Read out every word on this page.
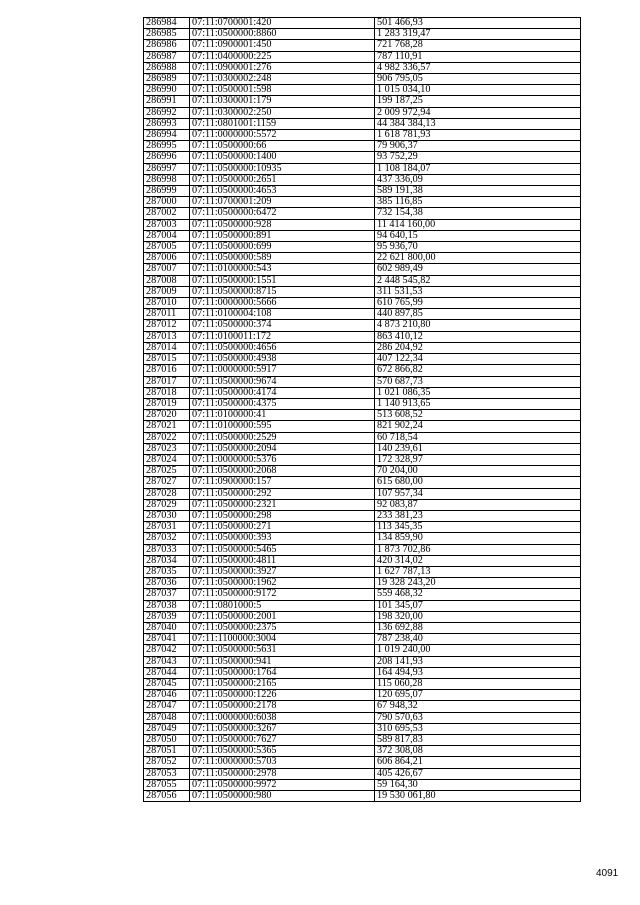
286984	07:11:0700001:420	501 466,93
286985	07:11:0500000:8860	1 283 319,47
286986	07:11:0900001:450	721 768,28
286987	07:11:0400000:225	787 110,91
286988	07:11:0900001:276	4 982 336,57
286989	07:11:0300002:248	906 795,05
286990	07:11:0500001:598	1 015 034,10
286991	07:11:0300001:179	199 187,25
286992	07:11:0300002:250	2 009 972,94
286993	07:11:0801001:1159	44 384 384,13
286994	07:11:0000000:5572	1 618 781,93
286995	07:11:0500000:66	79 906,37
286996	07:11:0500000:1400	93 752,29
286997	07:11:0500000:10935	1 108 184,07
286998	07:11:0500000:2651	437 336,09
286999	07:11:0500000:4653	589 191,38
287000	07:11:0700001:209	385 116,85
287002	07:11:0500000:6472	732 154,38
287003	07:11:0500000:928	11 414 160,00
287004	07:11:0500000:891	94 640,15
287005	07:11:0500000:699	95 936,70
287006	07:11:0500000:589	22 621 800,00
287007	07:11:0100000:543	602 989,49
287008	07:11:0500000:1551	2 448 545,82
287009	07:11:0500000:8715	311 531,53
287010	07:11:0000000:5666	610 765,99
287011	07:11:0100004:108	440 897,85
287012	07:11:0500000:374	4 873 210,80
287013	07:11:0100011:172	863 410,12
287014	07:11:0500000:4656	286 204,92
287015	07:11:0500000:4938	407 122,34
287016	07:11:0000000:5917	672 866,82
287017	07:11:0500000:9674	570 687,73
287018	07:11:0500000:4174	1 021 086,35
287019	07:11:0500000:4375	1 140 913,65
287020	07:11:0100000:41	513 608,52
287021	07:11:0100000:595	821 902,24
287022	07:11:0500000:2529	60 718,54
287023	07:11:0500000:2094	140 239,61
287024	07:11:0000000:5376	172 328,97
287025	07:11:0500000:2068	70 204,00
287027	07:11:0900000:157	615 680,00
287028	07:11:0500000:292	107 957,34
287029	07:11:0500000:2321	92 083,87
287030	07:11:0500000:298	233 381,23
287031	07:11:0500000:271	113 345,35
287032	07:11:0500000:393	134 859,90
287033	07:11:0500000:5465	1 873 702,86
287034	07:11:0500000:4811	420 314,02
287035	07:11:0500000:3927	1 627 787,13
287036	07:11:0500000:1962	19 328 243,20
287037	07:11:0500000:9172	559 468,32
287038	07:11:0801000:5	101 345,07
287039	07:11:0500000:2001	198 320,00
287040	07:11:0500000:2375	136 692,88
287041	07:11:1100000:3004	787 238,40
287042	07:11:0500000:5631	1 019 240,00
287043	07:11:0500000:941	208 141,93
287044	07:11:0500000:1764	164 494,93
287045	07:11:0500000:2165	115 060,28
287046	07:11:0500000:1226	120 695,07
287047	07:11:0500000:2178	67 948,32
287048	07:11:0000000:6038	790 570,63
287049	07:11:0500000:3267	310 695,53
287050	07:11:0500000:7627	589 817,83
287051	07:11:0500000:5365	372 308,08
287052	07:11:0000000:5703	606 864,21
287053	07:11:0500000:2978	405 426,67
287055	07:11:0500000:9972	59 164,30
287056	07:11:0500000:980	19 530 061,80
4091
